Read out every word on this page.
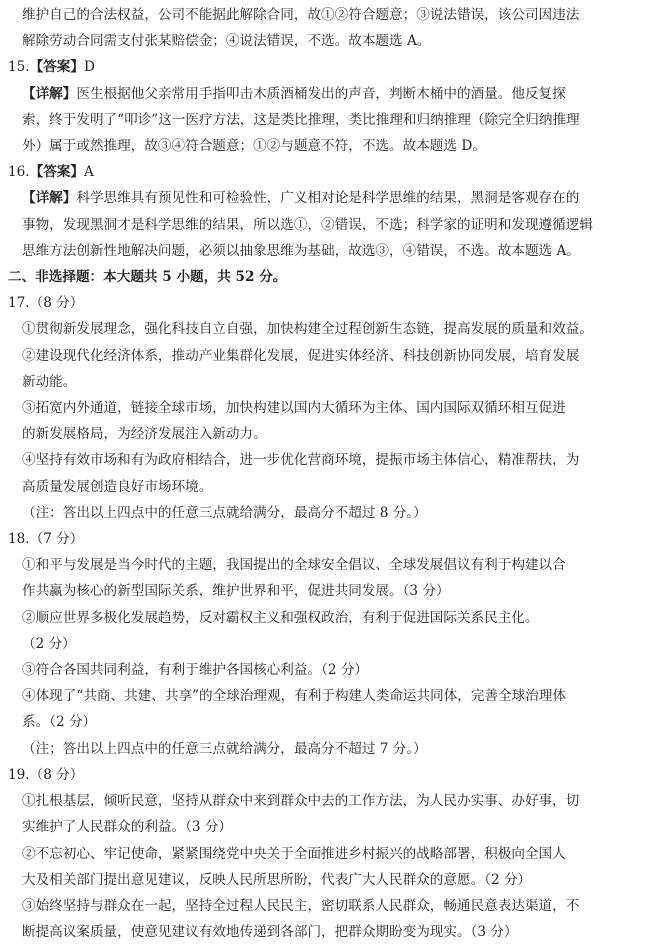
维护自己的合法权益，公司不能据此解除合同，故①②符合题意；③说法错误，该公司因违法

解除劳动合同需支付张某赔偿金；④说法错误，不选。故本题选 A。

15.【答案】D

【详解】医生根据他父亲常用手指叩击木质酒桶发出的声音，判断木桶中的酒量。他反复探

索，终于发明了“叩诊”这一医疗方法，这是类比推理，类比推理和归纳推理（除完全归纳推理

外）属于或然推理，故③④符合题意；①②与题意不符，不选。故本题选 D。

16.【答案】A

【详解】科学思维具有预见性和可检验性，广义相对论是科学思维的结果，黑洞是客观存在的

事物，发现黑洞才是科学思维的结果，所以选①，②错误，不选；科学家的证明和发现遵循逻辑

思维方法创新性地解决问题，必须以抽象思维为基础，故选③，④错误，不选。故本题选 A。

二、非选择题：本大题共 5 小题，共 52 分。

17.（8 分）

①贯彻新发展理念，强化科技自立自强，加快构建全过程创新生态链，提高发展的质量和效益。

②建设现代化经济体系，推动产业集群化发展，促进实体经济、科技创新协同发展，培育发展

新动能。

③拓宽内外通道，链接全球市场，加快构建以国内大循环为主体、国内国际双循环相互促进

的新发展格局，为经济发展注入新动力。

④坚持有效市场和有为政府相结合，进一步优化营商环境，提振市场主体信心，精准帮扶，为

高质量发展创造良好市场环境。

（注：答出以上四点中的任意三点就给满分，最高分不超过 8 分。）

18.（7 分）

①和平与发展是当今时代的主题，我国提出的全球安全倡议、全球发展倡议有利于构建以合

作共赢为核心的新型国际关系，维护世界和平，促进共同发展。（3 分）

②顺应世界多极化发展趋势，反对霸权主义和强权政治，有利于促进国际关系民主化。

（2 分）

③符合各国共同利益，有利于维护各国核心利益。（2 分）

④体现了“共商、共建、共享”的全球治理观，有利于构建人类命运共同体，完善全球治理体

系。（2 分）

（注；答出以上四点中的任意三点就给满分，最高分不超过 7 分。）

19.（8 分）

①扎根基层，倾听民意，坚持从群众中来到群众中去的工作方法，为人民办实事、办好事，切

实维护了人民群众的利益。（3 分）

②不忘初心、牢记使命，紧紧围绕党中央关于全面推进乡村振兴的战略部署，积极向全国人

大及相关部门提出意见建议，反映人民所思所盼，代表广大人民群众的意愿。（2 分）

③始终坚持与群众在一起，坚持全过程人民民主，密切联系人民群众，畅通民意表达渠道，不

断提高议案质量，使意见建议有效地传递到各部门，把群众期盼变为现实。（3 分）
